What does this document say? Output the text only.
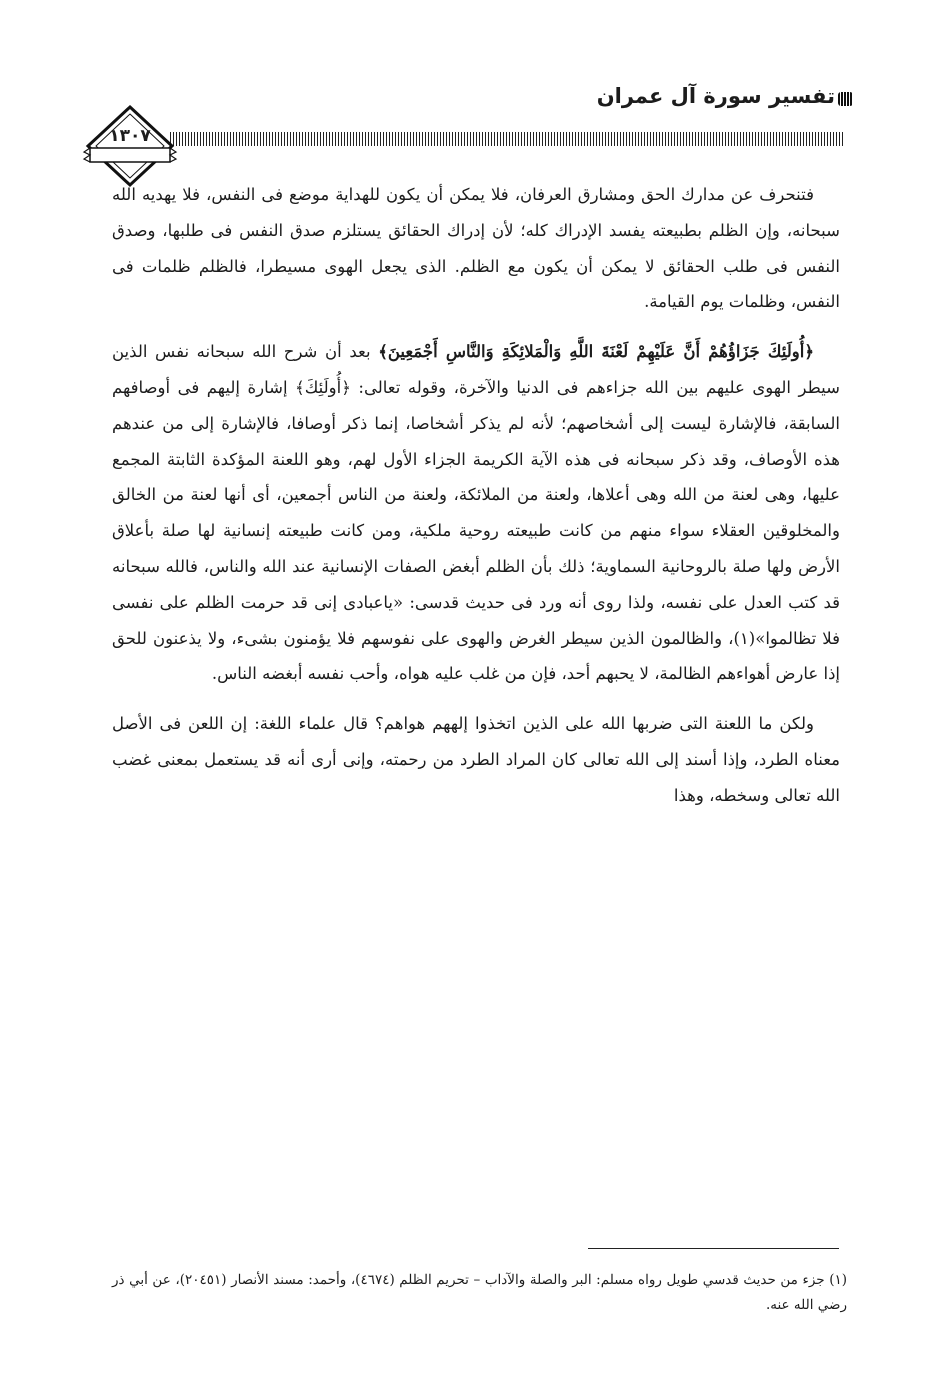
تفسير سورة آل عمران
١٣٠٧

فتنحرف عن مدارك الحق ومشارق العرفان، فلا يمكن أن يكون للهداية موضع فى النفس، فلا يهديه الله سبحانه، وإن الظلم بطبيعته يفسد الإدراك كله؛ لأن إدراك الحقائق يستلزم صدق النفس فى طلبها، وصدق النفس فى طلب الحقائق لا يمكن أن يكون مع الظلم. الذى يجعل الهوى مسيطرا، فالظلم ظلمات فى النفس، وظلمات يوم القيامة.

﴿أُولَئِكَ جَزَاؤُهُمْ أَنَّ عَلَيْهِمْ لَعْنَةَ اللَّهِ وَالْمَلائِكَةِ وَالنَّاسِ أَجْمَعِينَ﴾ بعد أن شرح الله سبحانه نفس الذين سيطر الهوى عليهم بين الله جزاءهم فى الدنيا والآخرة، وقوله تعالى: ﴿أُولَئِكَ﴾ إشارة إليهم فى أوصافهم السابقة، فالإشارة ليست إلى أشخاصهم؛ لأنه لم يذكر أشخاصا، إنما ذكر أوصافا، فالإشارة إلى من عندهم هذه الأوصاف، وقد ذكر سبحانه فى هذه الآية الكريمة الجزاء الأول لهم، وهو اللعنة المؤكدة الثابتة المجمع عليها، وهى لعنة من الله وهى أعلاها، ولعنة من الملائكة، ولعنة من الناس أجمعين، أى أنها لعنة من الخالق والمخلوقين العقلاء سواء منهم من كانت طبيعته روحية ملكية، ومن كانت طبيعته إنسانية لها صلة بأعلاق الأرض ولها صلة بالروحانية السماوية؛ ذلك بأن الظلم أبغض الصفات الإنسانية عند الله والناس، فالله سبحانه قد كتب العدل على نفسه، ولذا روى أنه ورد فى حديث قدسى: «ياعبادى إنى قد حرمت الظلم على نفسى فلا تظالموا»(١)، والظالمون الذين سيطر الغرض والهوى على نفوسهم فلا يؤمنون بشىء، ولا يذعنون للحق إذا عارض أهواءهم الظالمة، لا يحبهم أحد، فإن من غلب عليه هواه، وأحب نفسه أبغضه الناس.

ولكن ما اللعنة التى ضربها الله على الذين اتخذوا إلههم هواهم؟ قال علماء اللغة: إن اللعن فى الأصل معناه الطرد، وإذا أسند إلى الله تعالى كان المراد الطرد من رحمته، وإنى أرى أنه قد يستعمل بمعنى غضب الله تعالى وسخطه، وهذا

(١) جزء من حديث قدسي طويل رواه مسلم: البر والصلة والآداب – تحريم الظلم (٤٦٧٤)، وأحمد: مسند الأنصار (٢٠٤٥١)، عن أبي ذر رضي الله عنه.
